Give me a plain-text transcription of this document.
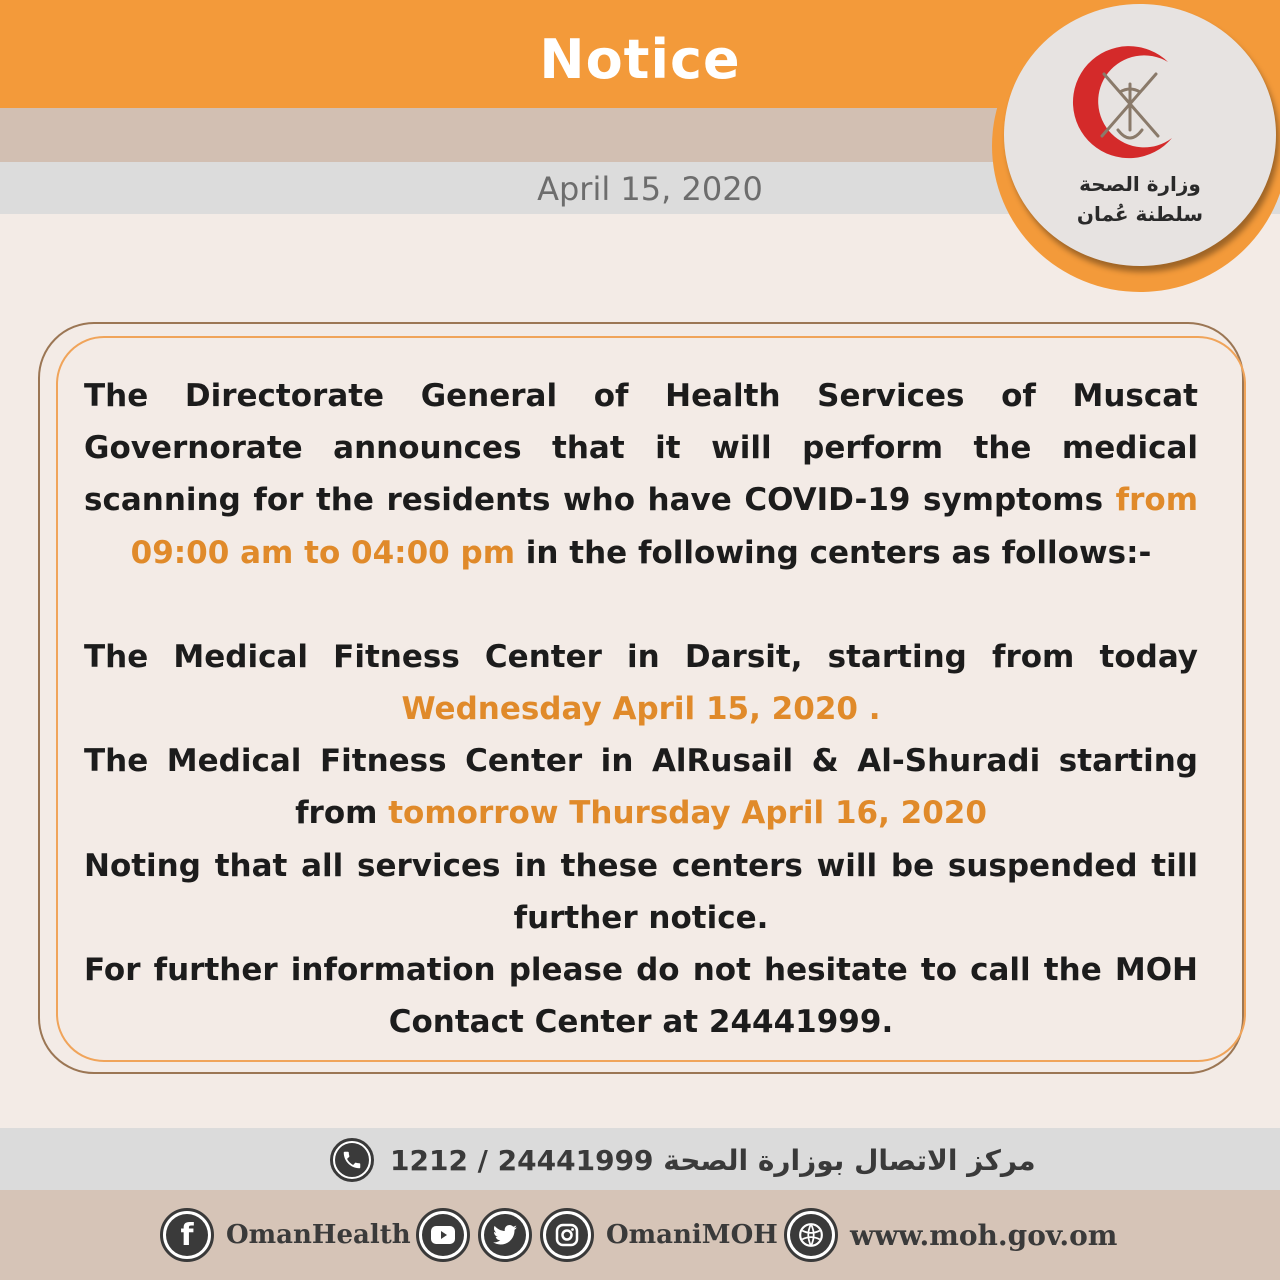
Notice
April 15, 2020	وزارة الصحة
سلطنة عُمان

The Directorate General of Health Services of Muscat Governorate announces that it will perform the medical scanning for the residents who have COVID-19 symptoms from 09:00 am to 04:00 pm in the following centers as follows:-

The Medical Fitness Center in Darsit, starting from today Wednesday April 15, 2020 .

The Medical Fitness Center in AlRusail & Al-Shuradi starting from tomorrow Thursday April 16, 2020

Noting that all services in these centers will be suspended till further notice.

For further information please do not hesitate to call the MOH Contact Center at 24441999.

مركز الاتصال بوزارة الصحة 24441999 / 1212
f OmanHealth	OmaniMOH	www.moh.gov.om
